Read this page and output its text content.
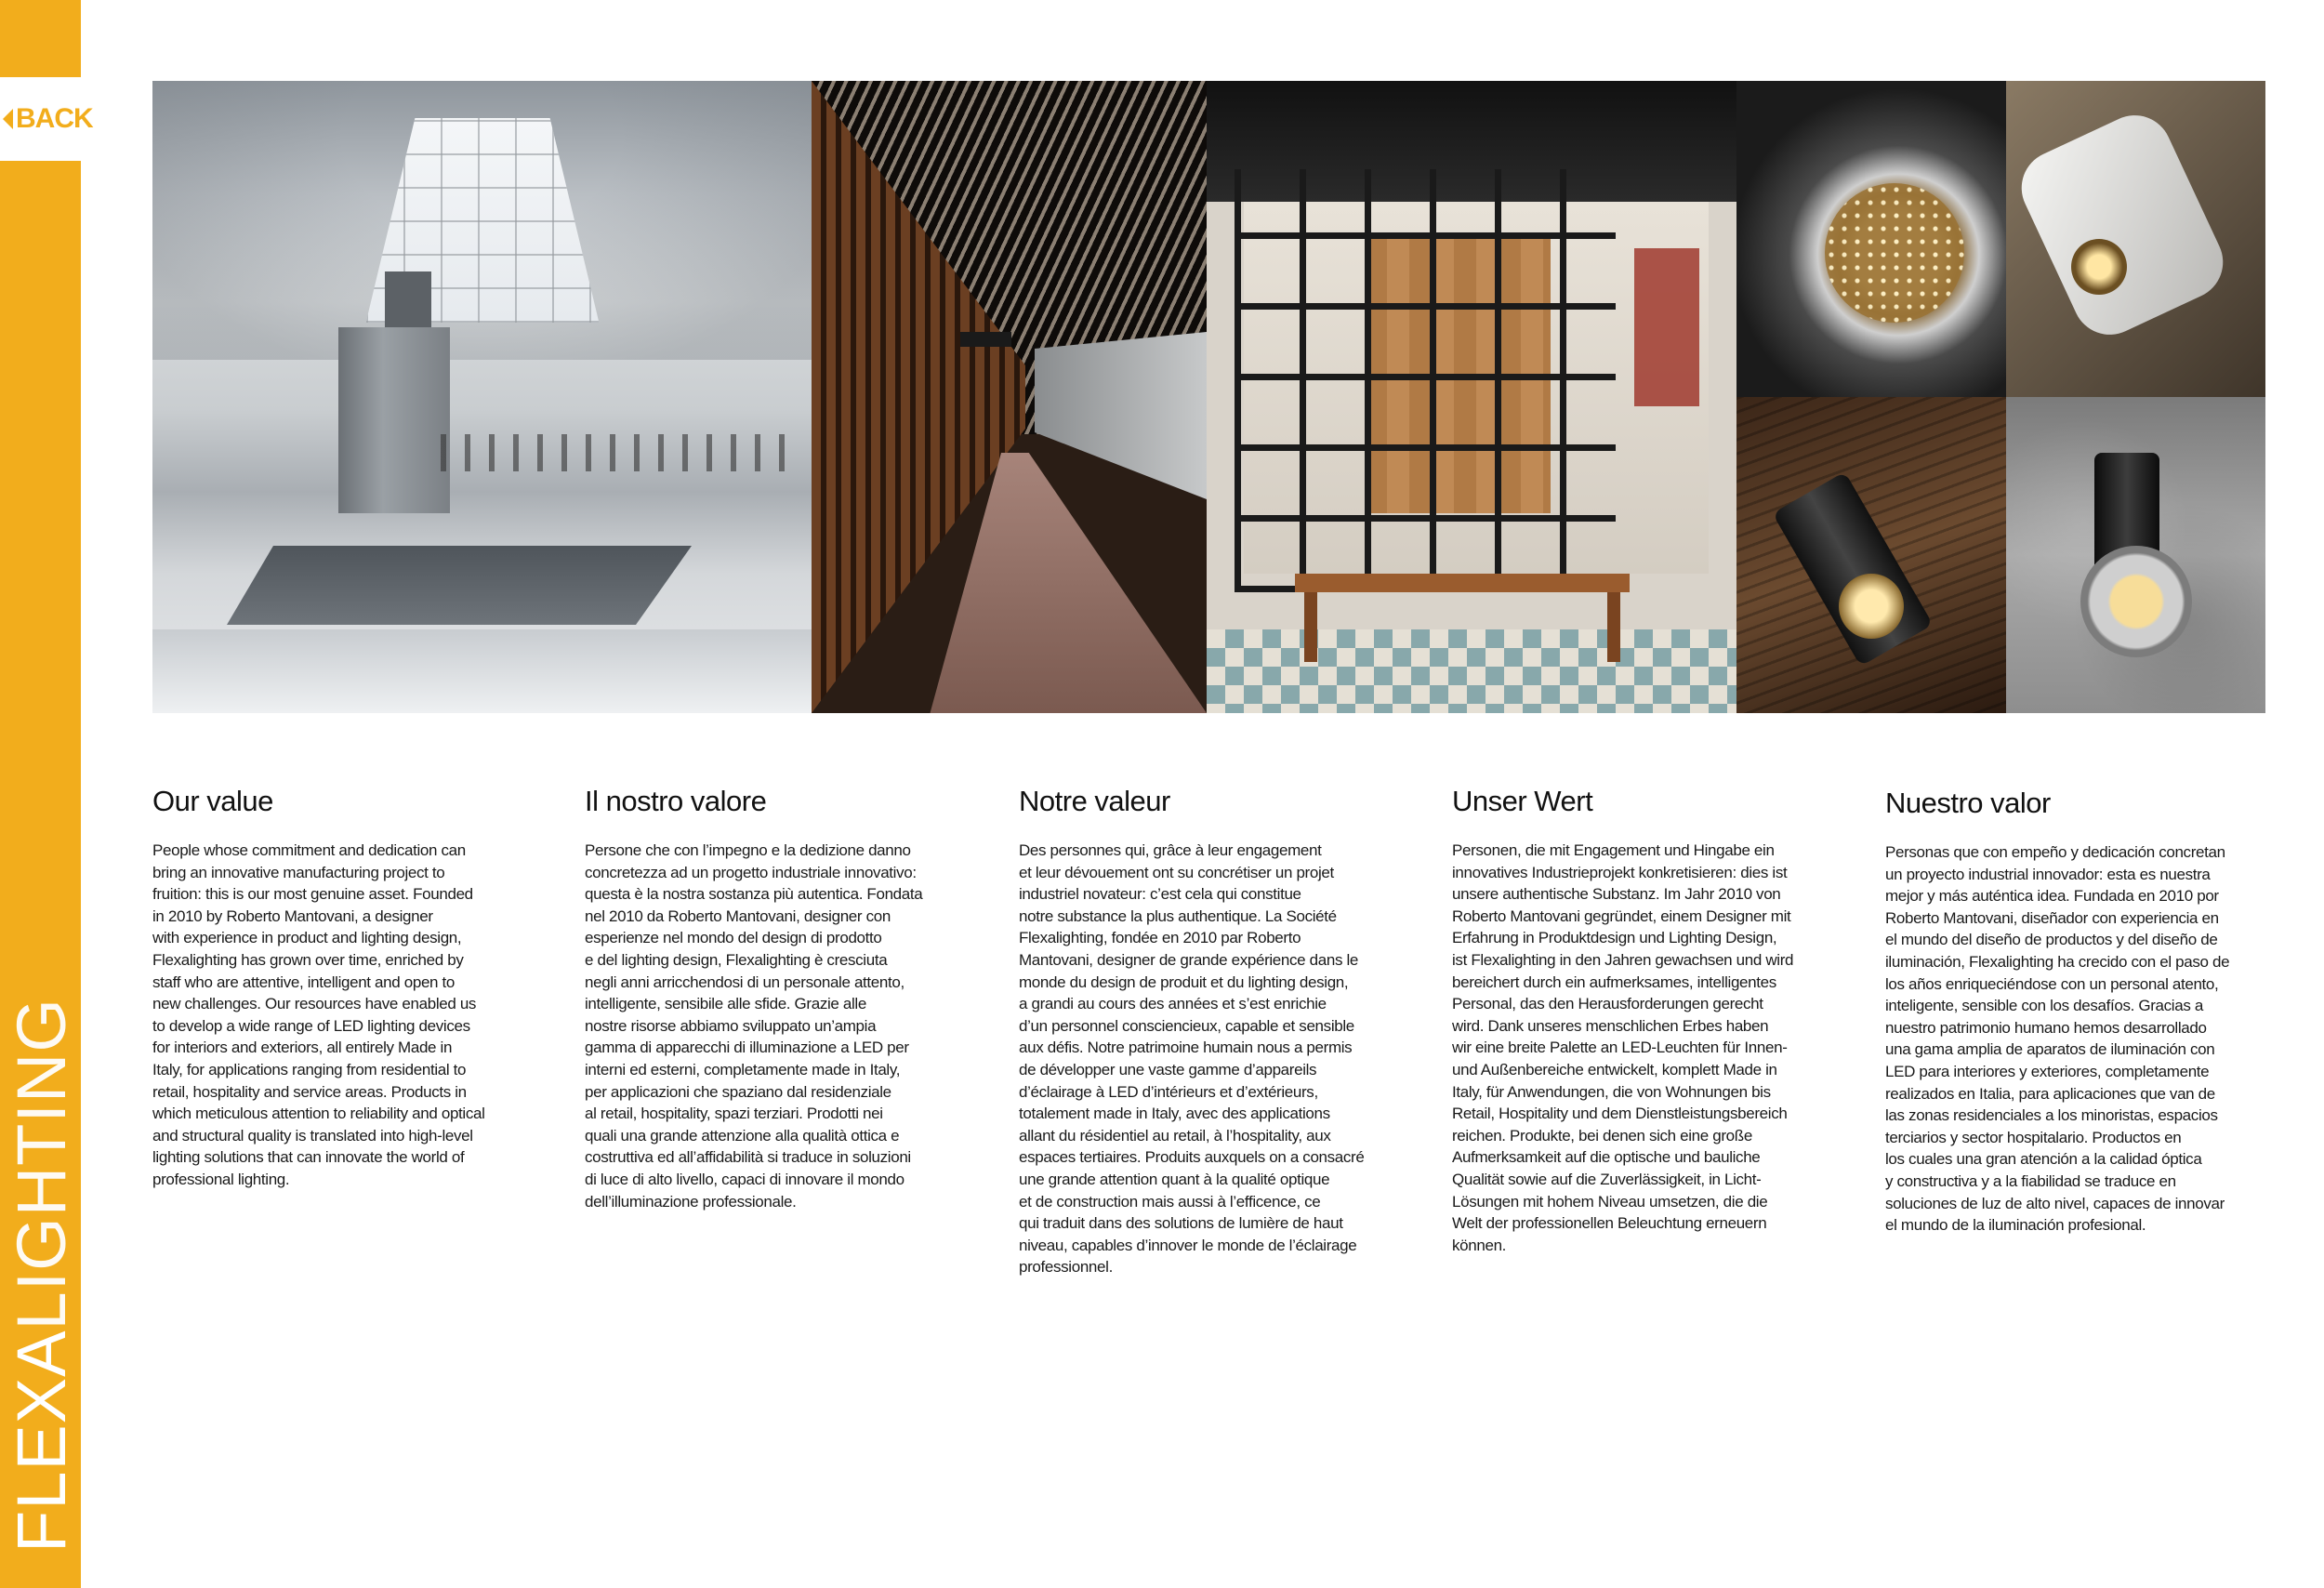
BACK
FLEXALIGHTING
Our value

People whose commitment and dedication can
bring an innovative manufacturing project to
fruition: this is our most genuine asset. Founded
in 2010 by Roberto Mantovani, a designer
with experience in product and lighting design,
Flexalighting has grown over time, enriched by
staff who are attentive, intelligent and open to
new challenges. Our resources have enabled us
to develop a wide range of LED lighting devices
for interiors and exteriors, all entirely Made in
Italy, for applications ranging from residential to
retail, hospitality and service areas. Products in
which meticulous attention to reliability and optical
and structural quality is translated into high-level
lighting solutions that can innovate the world of
professional lighting.

Il nostro valore

Persone che con l’impegno e la dedizione danno
concretezza ad un progetto industriale innovativo:
questa è la nostra sostanza più autentica. Fondata
nel 2010 da Roberto Mantovani, designer con
esperienze nel mondo del design di prodotto
e del lighting design, Flexalighting è cresciuta
negli anni arricchendosi di un personale attento,
intelligente, sensibile alle sfide. Grazie alle
nostre risorse abbiamo sviluppato un’ampia
gamma di apparecchi di illuminazione a LED per
interni ed esterni, completamente made in Italy,
per applicazioni che spaziano dal residenziale
al retail, hospitality, spazi terziari. Prodotti nei
quali una grande attenzione alla qualità ottica e
costruttiva ed all’affidabilità si traduce in soluzioni
di luce di alto livello, capaci di innovare il mondo
dell’illuminazione professionale.

Notre valeur

Des personnes qui, grâce à leur engagement
et leur dévouement ont su concrétiser un projet
industriel novateur: c’est cela qui constitue
notre substance la plus authentique. La Société
Flexalighting, fondée en 2010 par Roberto
Mantovani, designer de grande expérience dans le
monde du design de produit et du lighting design,
a grandi au cours des années et s’est enrichie
d’un personnel consciencieux, capable et sensible
aux défis. Notre patrimoine humain nous a permis
de développer une vaste gamme d’appareils
d’éclairage à LED d’intérieurs et d’extérieurs,
totalement made in Italy, avec des applications
allant du résidentiel au retail, à l’hospitality, aux
espaces tertiaires. Produits auxquels on a consacré
une grande attention quant à la qualité optique
et de construction mais aussi à l’efficence, ce
qui traduit dans des solutions de lumière de haut
niveau, capables d’innover le monde de l’éclairage
professionnel.

Unser Wert

Personen, die mit Engagement und Hingabe ein
innovatives Industrieprojekt konkretisieren: dies ist
unsere authentische Substanz. Im Jahr 2010 von
Roberto Mantovani gegründet, einem Designer mit
Erfahrung in Produktdesign und Lighting Design,
ist Flexalighting in den Jahren gewachsen und wird
bereichert durch ein aufmerksames, intelligentes
Personal, das den Herausforderungen gerecht
wird. Dank unseres menschlichen Erbes haben
wir eine breite Palette an LED-Leuchten für Innen-
und Außenbereiche entwickelt, komplett Made in
Italy, für Anwendungen, die von Wohnungen bis
Retail, Hospitality und dem Dienstleistungsbereich
reichen. Produkte, bei denen sich eine große
Aufmerksamkeit auf die optische und bauliche
Qualität sowie auf die Zuverlässigkeit, in Licht-
Lösungen mit hohem Niveau umsetzen, die die
Welt der professionellen Beleuchtung erneuern
können.

Nuestro valor

Personas que con empeño y dedicación concretan
un proyecto industrial innovador: esta es nuestra
mejor y más auténtica idea. Fundada en 2010 por
Roberto Mantovani, diseñador con experiencia en
el mundo del diseño de productos y del diseño de
iluminación, Flexalighting ha crecido con el paso de
los años enriqueciéndose con un personal atento,
inteligente, sensible con los desafíos. Gracias a
nuestro patrimonio humano hemos desarrollado
una gama amplia de aparatos de iluminación con
LED para interiores y exteriores, completamente
realizados en Italia, para aplicaciones que van de
las zonas residenciales a los minoristas, espacios
terciarios y sector hospitalario. Productos en
los cuales una gran atención a la calidad óptica
y constructiva y a la fiabilidad se traduce en
soluciones de luz de alto nivel, capaces de innovar
el mundo de la iluminación profesional.
